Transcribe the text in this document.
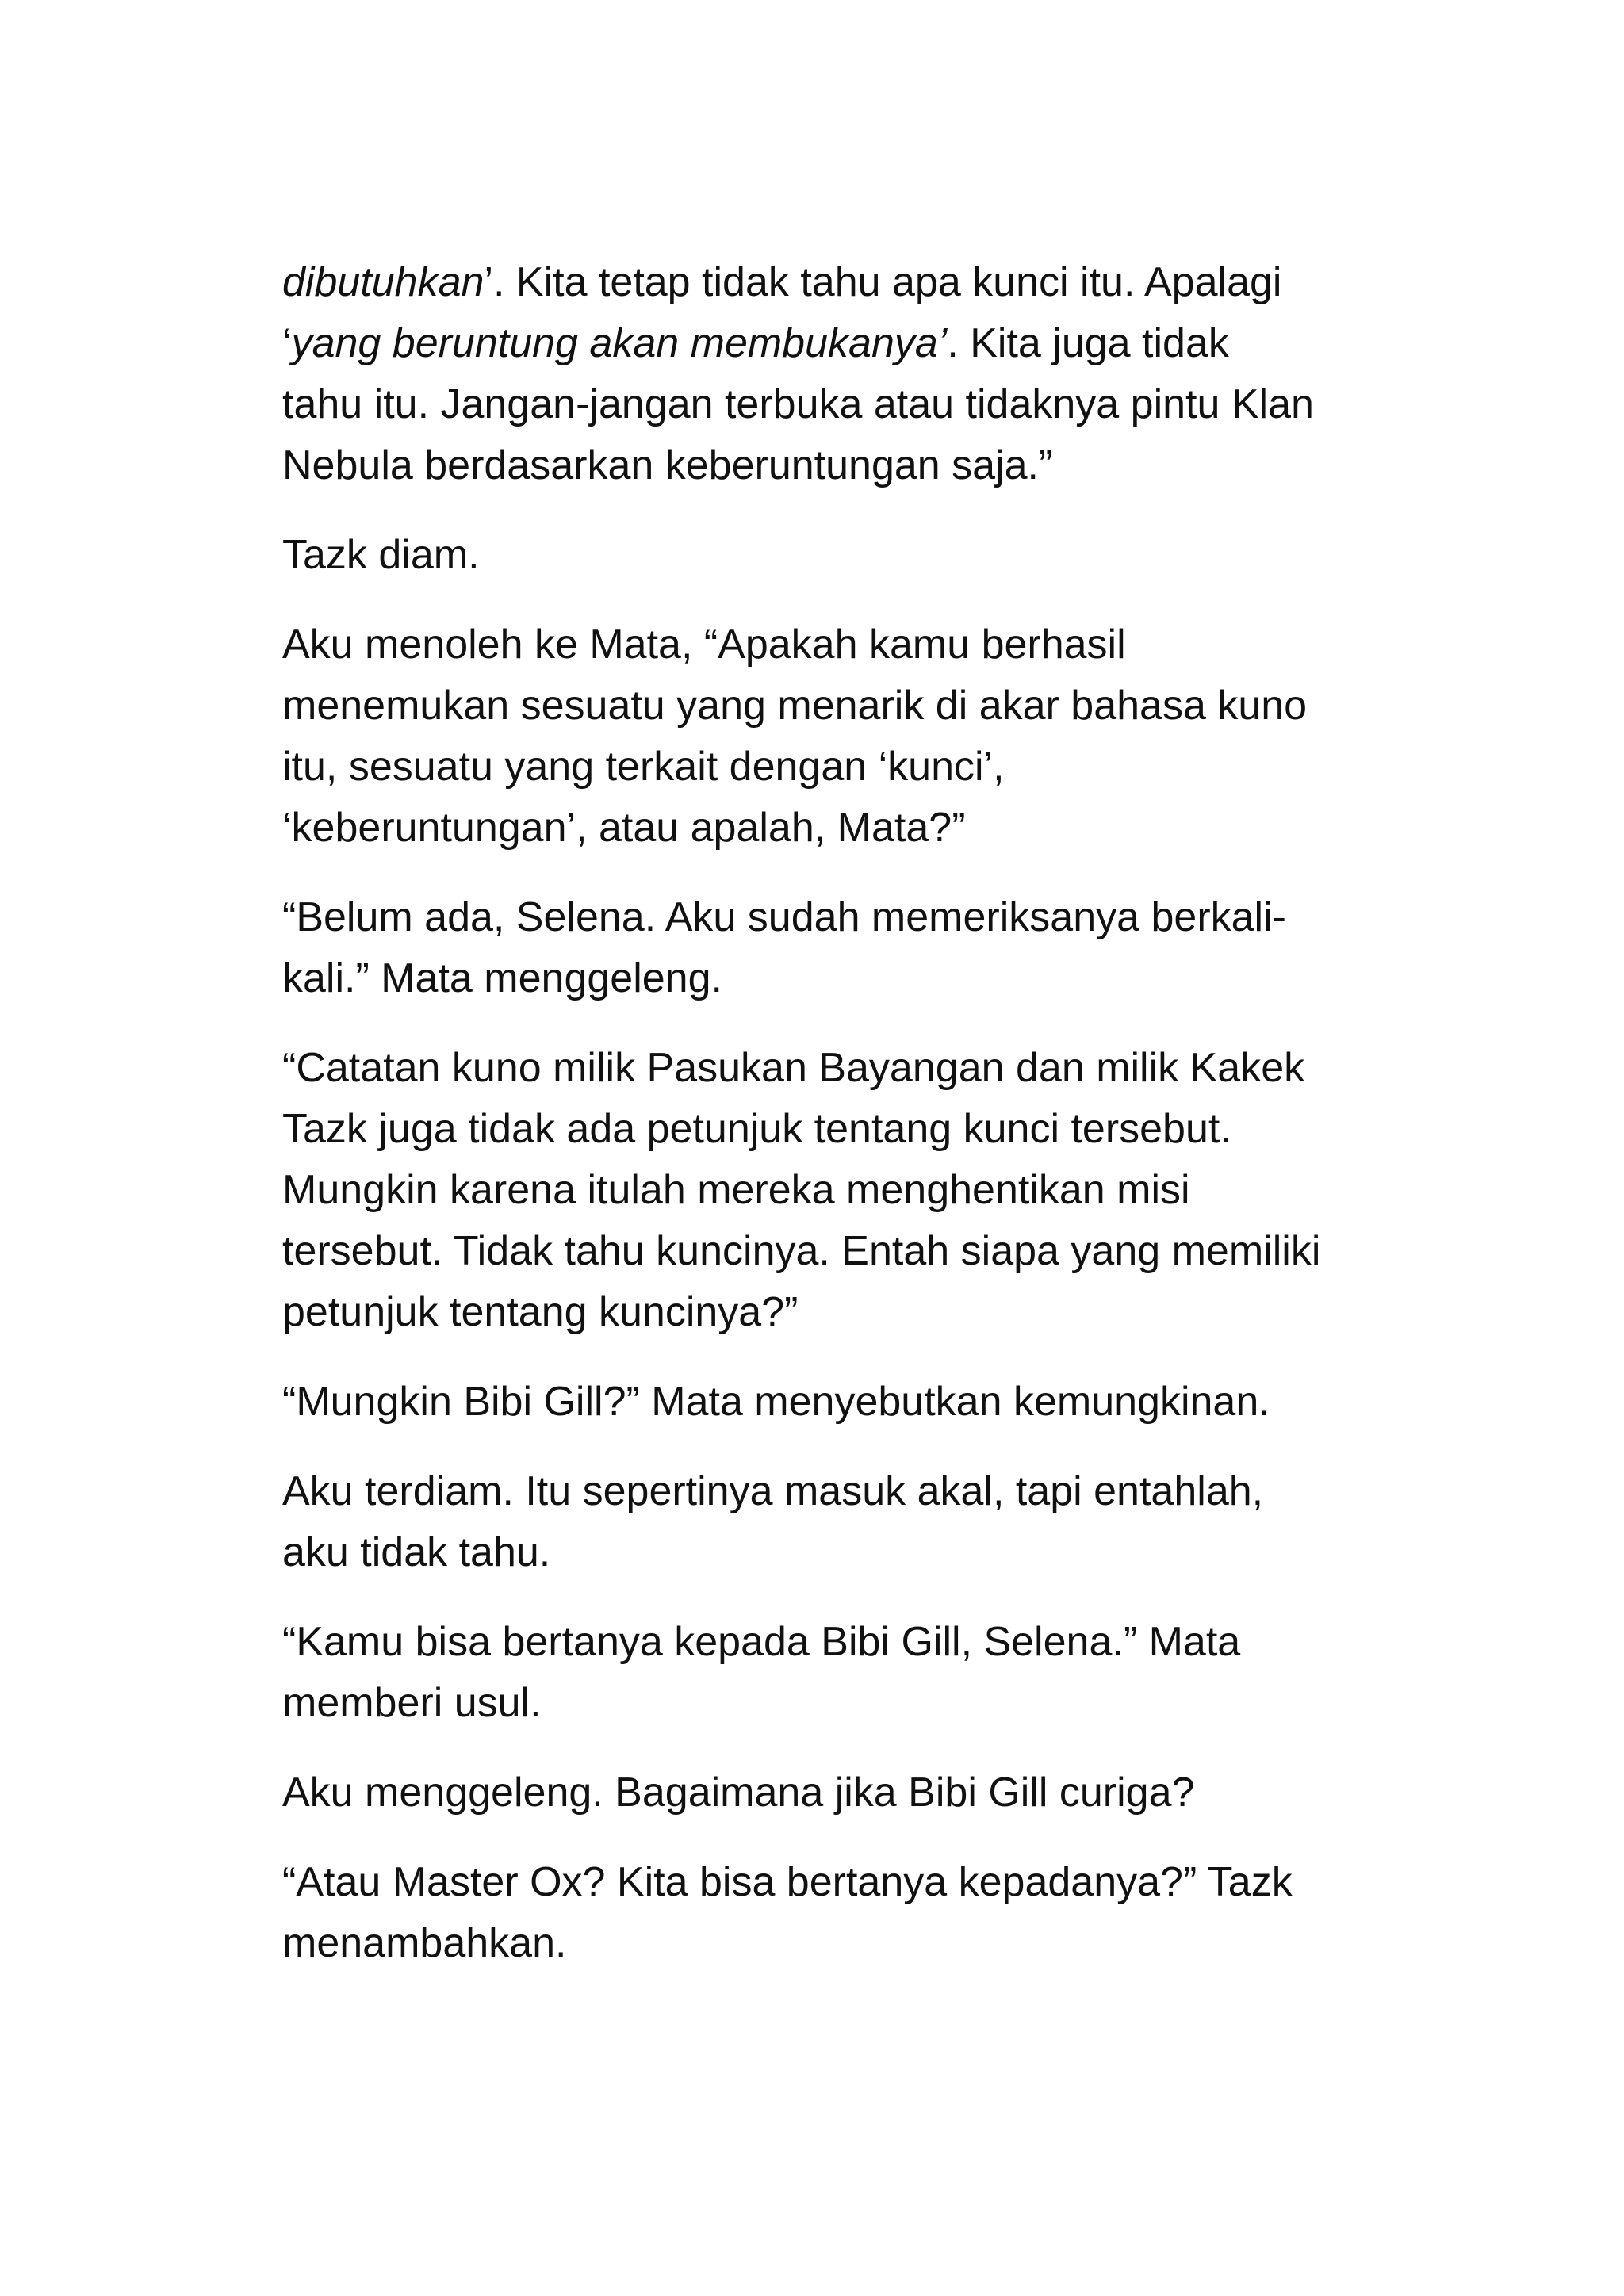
dibutuhkan’. Kita tetap tidak tahu apa kunci itu. Apalagi
‘yang beruntung akan membukanya’. Kita juga tidak
tahu itu. Jangan-jangan terbuka atau tidaknya pintu Klan
Nebula berdasarkan keberuntungan saja.”

Tazk diam.

Aku menoleh ke Mata, “Apakah kamu berhasil
menemukan sesuatu yang menarik di akar bahasa kuno
itu, sesuatu yang terkait dengan ‘kunci’,
‘keberuntungan’, atau apalah, Mata?”

“Belum ada, Selena. Aku sudah memeriksanya berkali-
kali.” Mata menggeleng.

“Catatan kuno milik Pasukan Bayangan dan milik Kakek
Tazk juga tidak ada petunjuk tentang kunci tersebut.
Mungkin karena itulah mereka menghentikan misi
tersebut. Tidak tahu kuncinya. Entah siapa yang memiliki
petunjuk tentang kuncinya?”

“Mungkin Bibi Gill?” Mata menyebutkan kemungkinan.

Aku terdiam. Itu sepertinya masuk akal, tapi entahlah,
aku tidak tahu.

“Kamu bisa bertanya kepada Bibi Gill, Selena.” Mata
memberi usul.

Aku menggeleng. Bagaimana jika Bibi Gill curiga?

“Atau Master Ox? Kita bisa bertanya kepadanya?” Tazk
menambahkan.
